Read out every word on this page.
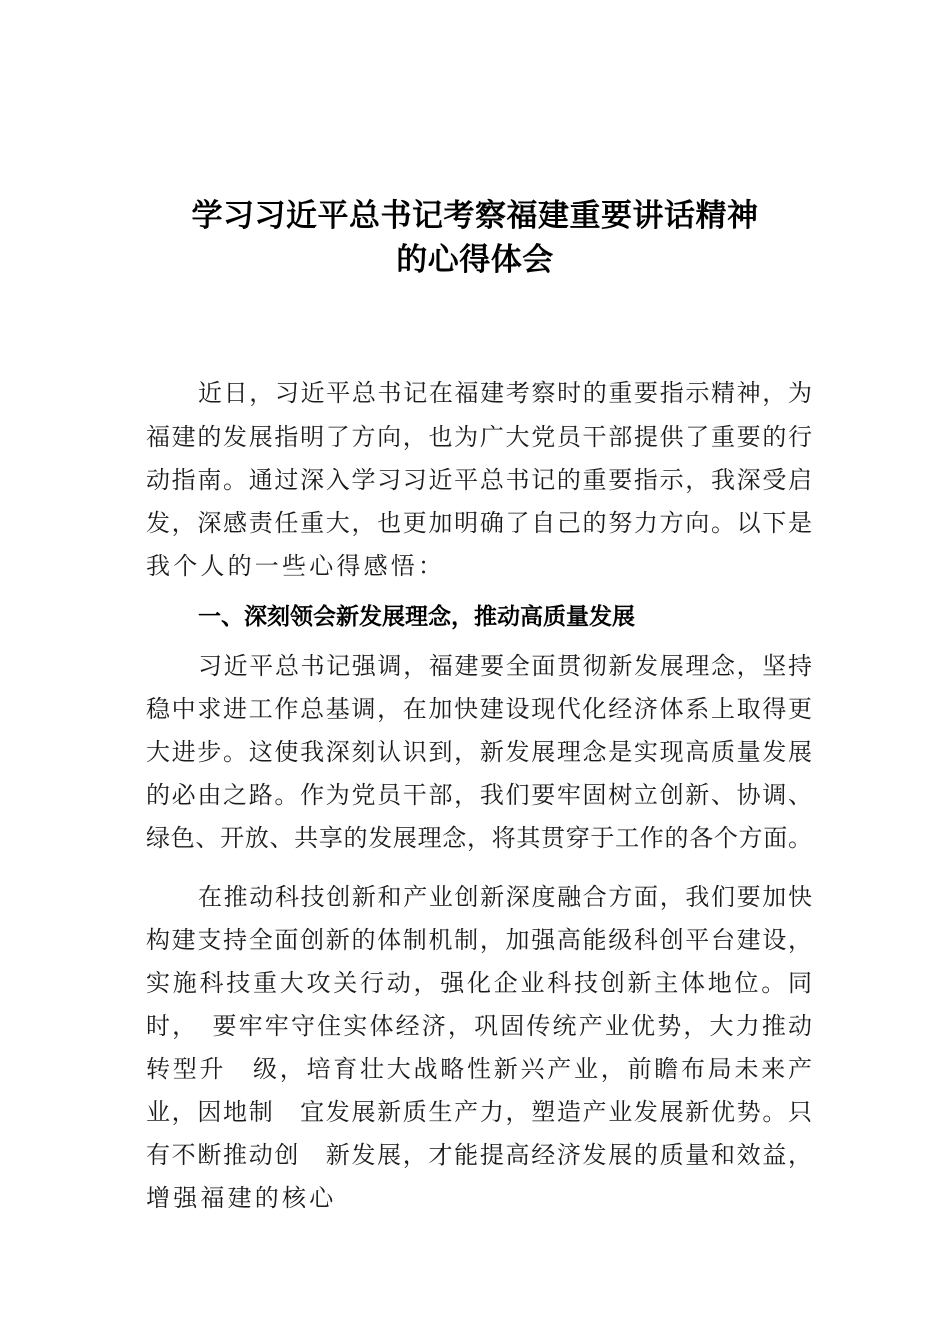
学习习近平总书记考察福建重要讲话精神
的心得体会
近日，习近平总书记在福建考察时的重要指示精神，为
福建的发展指明了方向，也为广大党员干部提供了重要的行
动指南。通过深入学习习近平总书记的重要指示，我深受启
发，深感责任重大，也更加明确了自己的努力方向。以下是
我个人的一些心得感悟：
一、深刻领会新发展理念，推动高质量发展
习近平总书记强调，福建要全面贯彻新发展理念，坚持
稳中求进工作总基调，在加快建设现代化经济体系上取得更
大进步。这使我深刻认识到，新发展理念是实现高质量发展
的必由之路。作为党员干部，我们要牢固树立创新、协调、
绿色、开放、共享的发展理念，将其贯穿于工作的各个方面。
在推动科技创新和产业创新深度融合方面，我们要加快
构建支持全面创新的体制机制，加强高能级科创平台建设，
实施科技重大攻关行动，强化企业科技创新主体地位。同
时，　要牢牢守住实体经济，巩固传统产业优势，大力推动
转型升　级，培育壮大战略性新兴产业，前瞻布局未来产
业，因地制　宜发展新质生产力，塑造产业发展新优势。只
有不断推动创　新发展，才能提高经济发展的质量和效益，
增强福建的核心
